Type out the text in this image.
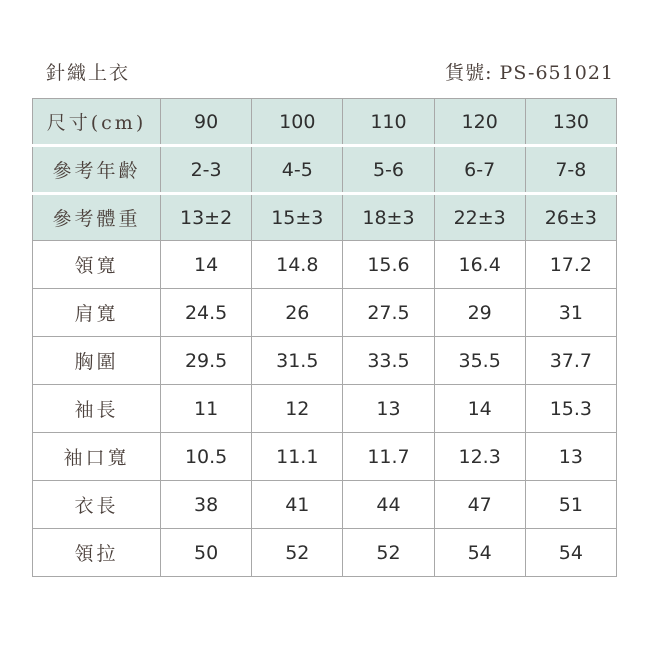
針織上衣	貨號: PS-651021
尺寸(cm)	90	100	110	120	130
參考年齡	2-3	4-5	5-6	6-7	7-8
參考體重	13±2	15±3	18±3	22±3	26±3
領寬	14	14.8	15.6	16.4	17.2
肩寬	24.5	26	27.5	29	31
胸圍	29.5	31.5	33.5	35.5	37.7
袖長	11	12	13	14	15.3
袖口寬	10.5	11.1	11.7	12.3	13
衣長	38	41	44	47	51
領拉	50	52	52	54	54
